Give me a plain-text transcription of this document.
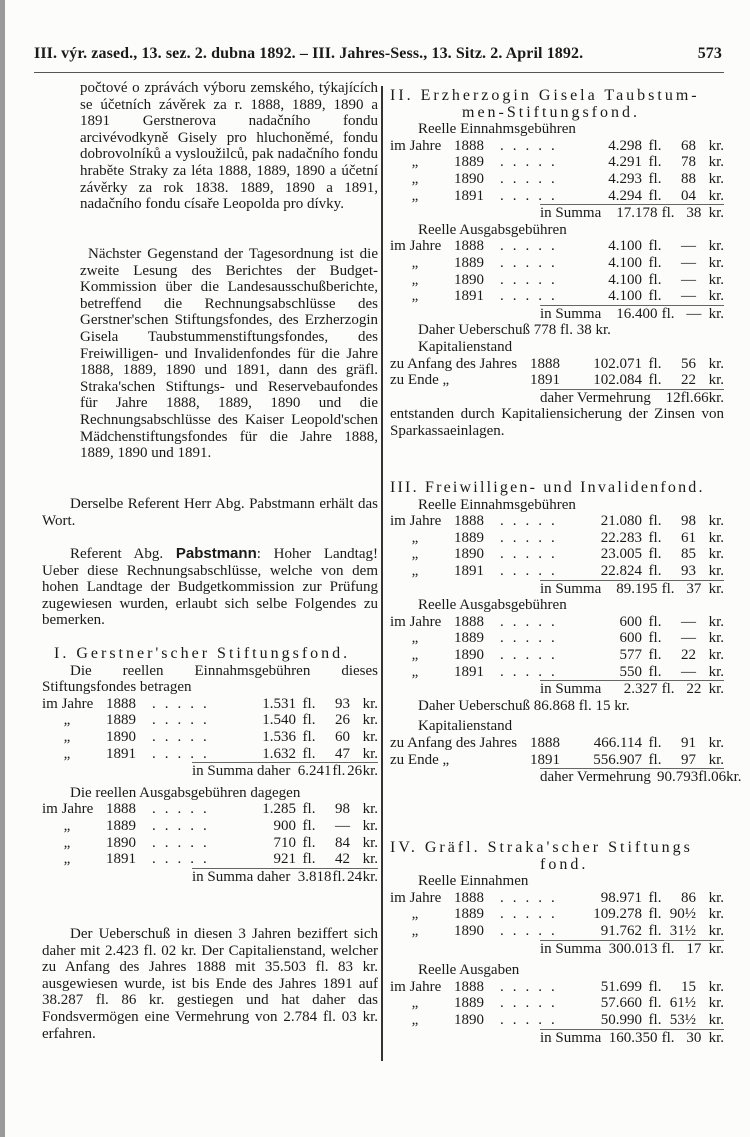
III. výr. zased., 13. sez. 2. dubna 1892. – III. Jahres-Sess., 13. Sitz. 2. April 1892.	573

počtové o zprávách výboru zemského, týkajících se účetních závěrek za r. 1888, 1889, 1890 a 1891 Gerstnerova nadačního fondu arcivévodkyně Gisely pro hluchoněmé, fondu dobrovolníků a vysloužilců, pak nadačního fondu hraběte Straky za léta 1888, 1889, 1890 a účetní závěrky za rok 1838. 1889, 1890 a 1891, nadačního fondu císaře Leopolda pro dívky.

Nächster Gegenstand der Tagesordnung ist die zweite Lesung des Berichtes der Budget-Kommission über die Landesausschußberichte, betreffend die Rechnungsabschlüsse des Gerstner'schen Stiftungsfondes, des Erzherzogin Gisela Taubstummenstiftungsfondes, des Freiwilligen- und Invalidenfondes für die Jahre 1888, 1889, 1890 und 1891, dann des gräfl. Straka'schen Stiftungs- und Reservebaufondes für Jahre 1888, 1889, 1890 und die Rechnungsabschlüsse des Kaiser Leopold'schen Mädchenstiftungsfondes für die Jahre 1888, 1889, 1890 und 1891.

Derselbe Referent Herr Abg. Pabstmann erhält das Wort.

Referent Abg. Pabstmann: Hoher Landtag! Ueber diese Rechnungsabschlüsse, welche von dem hohen Landtage der Budgetkommission zur Prüfung zugewiesen wurden, erlaubt sich selbe Folgendes zu bemerken.

I. Gerstner'scher Stiftungsfond.

Die reellen Einnahmsgebühren dieses Stiftungsfondes betragen

im Jahre 1888	.....	1.531 fl.	93 kr.
„	1889	.....	1.540 fl.	26 kr.
„	1890	.....	1.536 fl.	60 kr.
„	1891	.....	1.632 fl.	47 kr.
in Summa daher 6.241 fl. 26 kr.

Die reellen Ausgabsgebühren dagegen

im Jahre 1888	.....	1.285 fl.	98 kr.
„	1889	.....	900 fl.	— kr.
„	1890	.....	710 fl.	84 kr.
„	1891	.....	921 fl.	42 kr.
in Summa daher 3.818 fl. 24 kr.

Der Ueberschuß in diesen 3 Jahren beziffert sich daher mit 2.423 fl. 02 kr. Der Capitalienstand, welcher zu Anfang des Jahres 1888 mit 35.503 fl. 83 kr. ausgewiesen wurde, ist bis Ende des Jahres 1891 auf 38.287 fl. 86 kr. gestiegen und hat daher das Fondsvermögen eine Vermehrung von 2.784 fl. 03 kr. erfahren.

II. Erzherzogin Gisela Taubstum-

men-Stiftungsfond.

Reelle Einnahmsgebühren

im Jahre 1888	.....	4.298 fl.	68 kr.
„	1889	.....	4.291 fl.	78 kr.
„	1890	.....	4.293 fl.	88 kr.
„	1891	.....	4.294 fl.	04 kr.
in Summa	17.178 fl. 38 kr.

Reelle Ausgabsgebühren

im Jahre 1888	.....	4.100 fl.	— kr.
„	1889	.....	4.100 fl.	— kr.
„	1890	.....	4.100 fl.	— kr.
„	1891	.....	4.100 fl.	— kr.
in Summa	16.400 fl. — kr.

Daher Ueberschuß 778 fl. 38 kr.

Kapitalienstand

zu Anfang des Jahres 1888	102.071 fl.	56 kr.
zu Ende „	1891	102.084 fl.	22 kr.
daher Vermehrung 12 fl. 66 kr.

entstanden durch Kapitaliensicherung der Zinsen von Sparkassaeinlagen.

III. Freiwilligen- und Invalidenfond.

Reelle Einnahmsgebühren

im Jahre 1888	.....	21.080 fl.	98 kr.
„	1889	.....	22.283 fl.	61 kr.
„	1890	.....	23.005 fl.	85 kr.
„	1891	.....	22.824 fl.	93 kr.
in Summa	89.195 fl. 37 kr.

Reelle Ausgabsgebühren

im Jahre 1888	.....	600 fl.	— kr.
„	1889	.....	600 fl.	— kr.
„	1890	.....	577 fl.	22 kr.
„	1891	.....	550 fl.	— kr.
in Summa	2.327 fl. 22 kr.

Daher Ueberschuß 86.868 fl. 15 kr.

Kapitalienstand

zu Anfang des Jahres 1888	466.114 fl.	91 kr.
zu Ende „	1891	556.907 fl.	97 kr.
daher Vermehrung 90.793 fl. 06 kr.

IV. Gräfl. Straka'scher Stiftungs

fond.

Reelle Einnahmen

im Jahre 1888	.....	98.971 fl.	86 kr.
„	1889	.....	109.278 fl. 90½ kr.
„	1890	.....	91.762 fl. 31½ kr.
in Summa 300.013 fl. 17 kr.

Reelle Ausgaben

im Jahre 1888	.....	51.699 fl.	15 kr.
„	1889	.....	57.660 fl. 61½ kr.
„	1890	.....	50.990 fl. 53½ kr.
in Summa 160.350 fl. 30 kr.
